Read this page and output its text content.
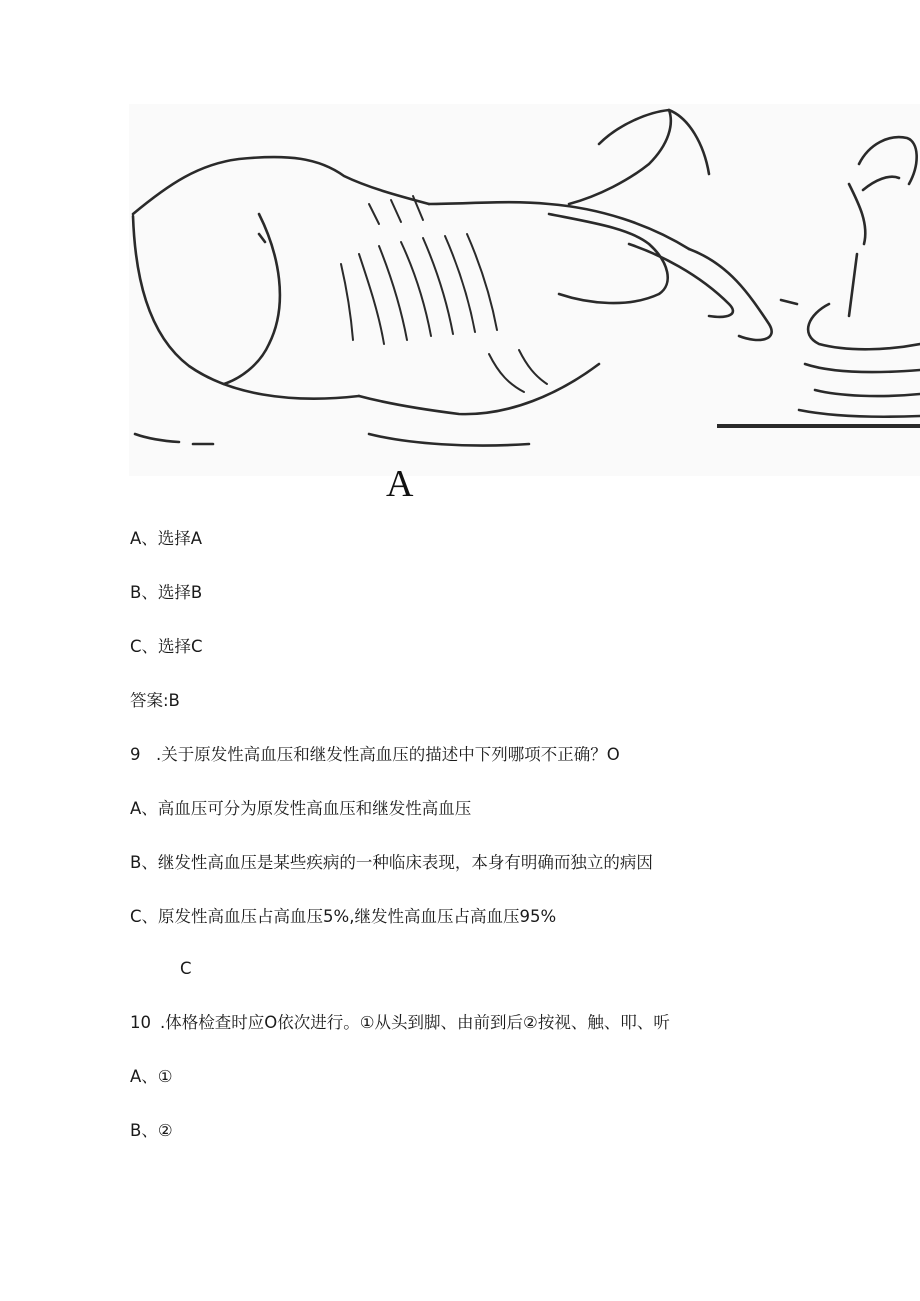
A
A、选择A
B、选择B
C、选择C
答案:B
9 .关于原发性高血压和继发性高血压的描述中下列哪项不正确？O
A、高血压可分为原发性高血压和继发性高血压
B、继发性高血压是某些疾病的一种临床表现，本身有明确而独立的病因
C、原发性高血压占高血压5%,继发性高血压占高血压95%
C
10 .体格检查时应O依次进行。①从头到脚、由前到后②按视、触、叩、听
A、①
B、②
